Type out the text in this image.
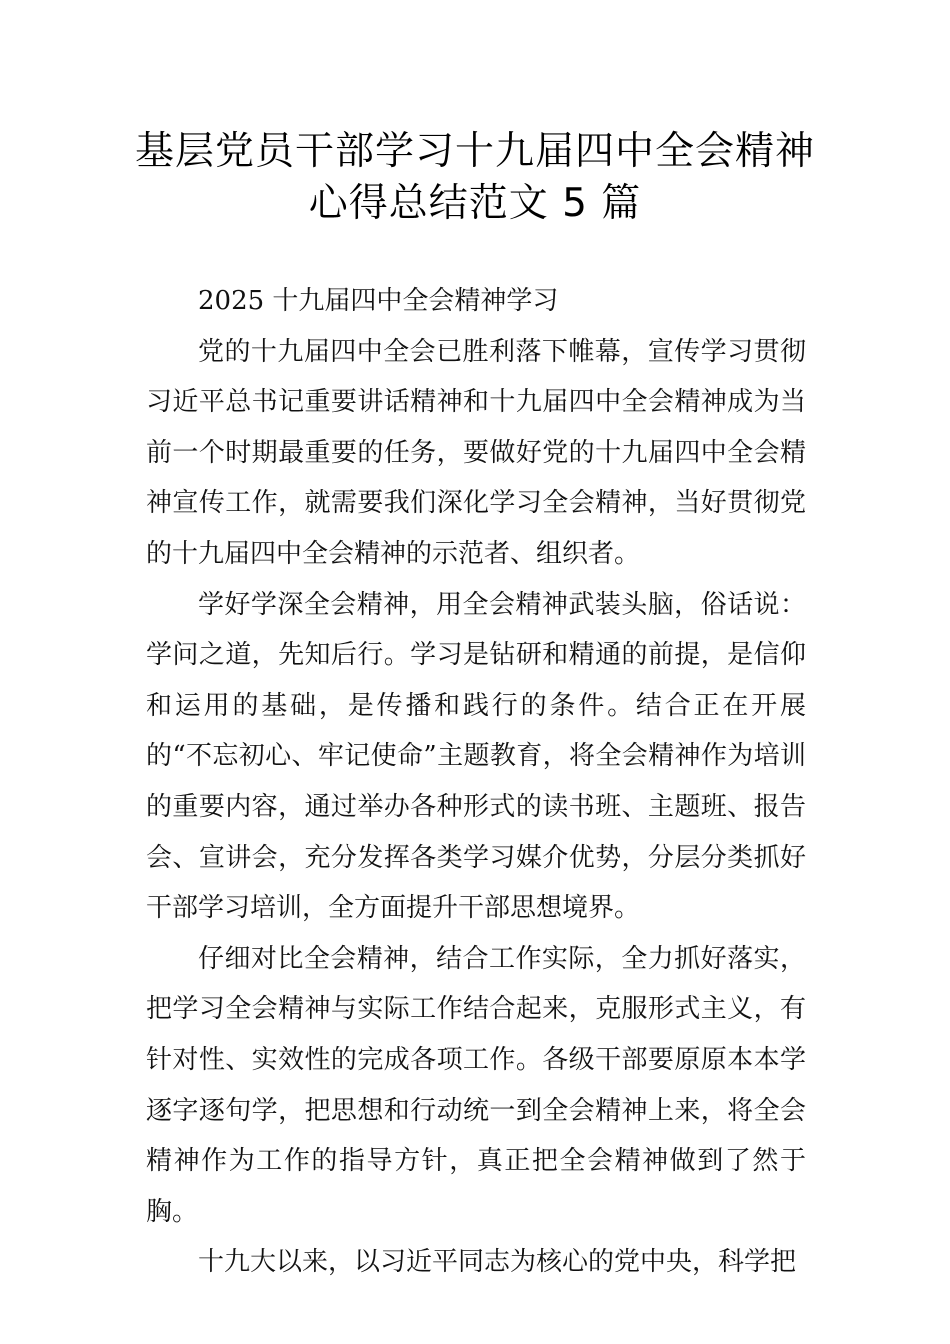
基层党员干部学习十九届四中全会精神
心得总结范文 5 篇

2025 十九届四中全会精神学习

党的十九届四中全会已胜利落下帷幕，宣传学习贯彻习近平总书记重要讲话精神和十九届四中全会精神成为当前一个时期最重要的任务，要做好党的十九届四中全会精神宣传工作，就需要我们深化学习全会精神，当好贯彻党的十九届四中全会精神的示范者、组织者。

学好学深全会精神，用全会精神武装头脑，俗话说：学问之道，先知后行。学习是钻研和精通的前提，是信仰和运用的基础，是传播和践行的条件。结合正在开展的“不忘初心、牢记使命”主题教育，将全会精神作为培训的重要内容，通过举办各种形式的读书班、主题班、报告会、宣讲会，充分发挥各类学习媒介优势，分层分类抓好干部学习培训，全方面提升干部思想境界。

仔细对比全会精神，结合工作实际，全力抓好落实，把学习全会精神与实际工作结合起来，克服形式主义，有针对性、实效性的完成各项工作。各级干部要原原本本学逐字逐句学，把思想和行动统一到全会精神上来，将全会精神作为工作的指导方针，真正把全会精神做到了然于胸。

十九大以来，以习近平同志为核心的党中央，科学把
